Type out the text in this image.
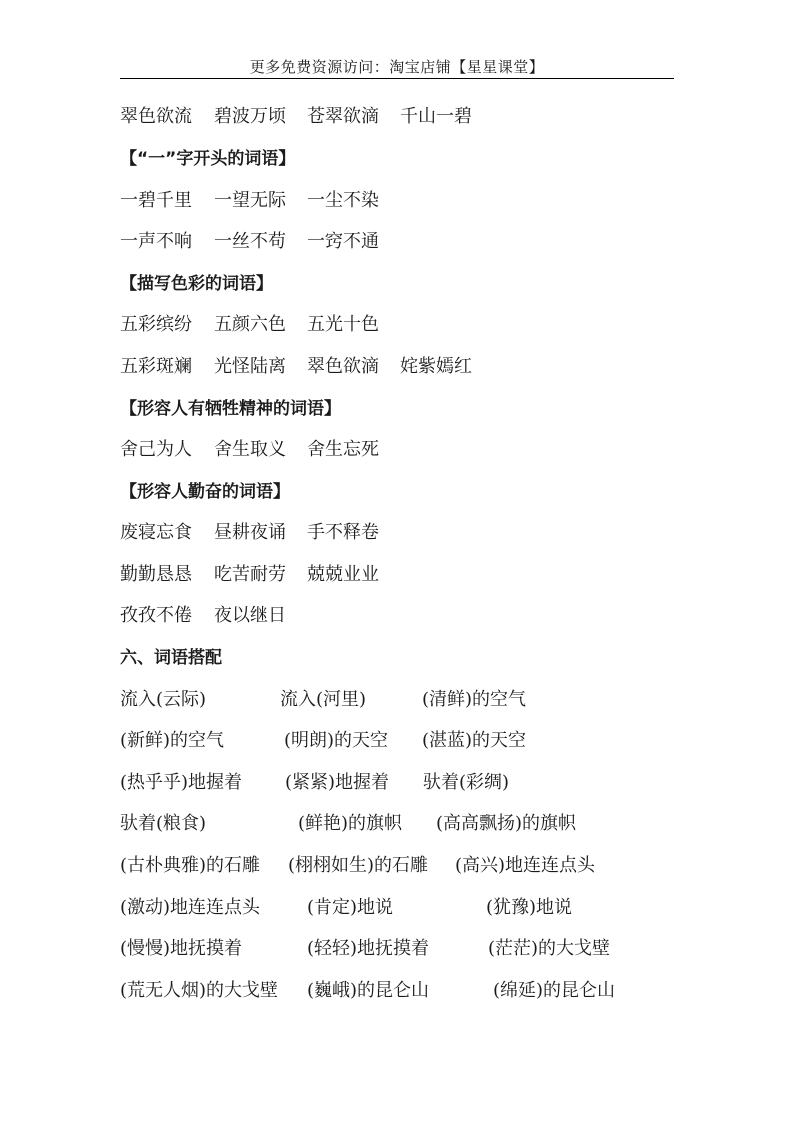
更多免费资源访问：淘宝店铺【星星课堂】
翠色欲流 碧波万顷 苍翠欲滴 千山一碧
【“一”字开头的词语】
一碧千里 一望无际 一尘不染
一声不响 一丝不苟 一窍不通
【描写色彩的词语】
五彩缤纷 五颜六色 五光十色
五彩斑斓 光怪陆离 翠色欲滴 姹紫嫣红
【形容人有牺牲精神的词语】
舍己为人 舍生取义 舍生忘死
【形容人勤奋的词语】
废寝忘食 昼耕夜诵 手不释卷
勤勤恳恳 吃苦耐劳 兢兢业业
孜孜不倦 夜以继日
六、词语搭配
流入(云际)	流入(河里)	(清鲜)的空气
(新鲜)的空气	(明朗)的天空 (湛蓝)的天空
(热乎乎)地握着 (紧紧)地握着 驮着(彩绸)
驮着(粮食)	(鲜艳)的旗帜 (高高飘扬)的旗帜
(古朴典雅)的石雕 (栩栩如生)的石雕 (高兴)地连连点头
(激动)地连连点头	(肯定)地说	(犹豫)地说
(慢慢)地抚摸着	(轻轻)地抚摸着	(茫茫)的大戈壁
(荒无人烟)的大戈壁 (巍峨)的昆仑山	(绵延)的昆仑山
